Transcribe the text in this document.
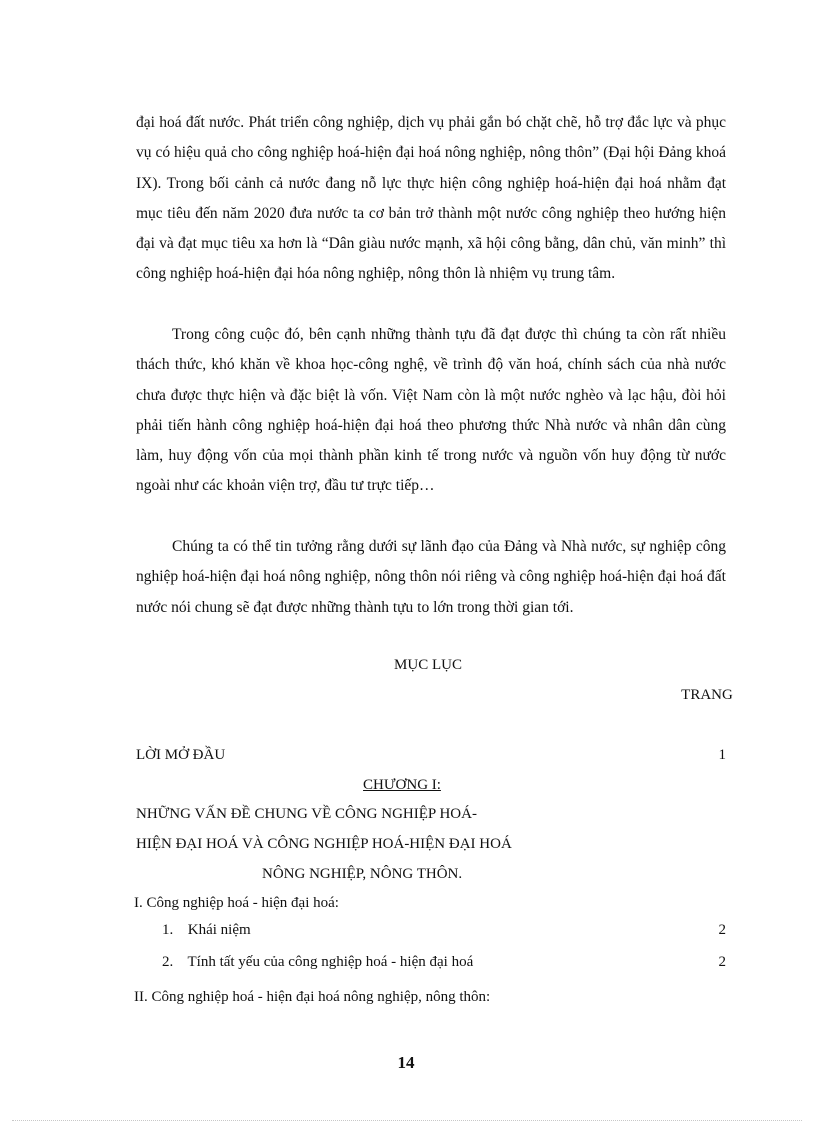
đại hoá đất nước. Phát triển công nghiệp, dịch vụ phải gắn bó chặt chẽ, hỗ trợ đắc lực và phục vụ có hiệu quả cho công nghiệp hoá-hiện đại hoá nông nghiệp, nông thôn” (Đại hội Đảng khoá IX). Trong bối cảnh cả nước đang nỗ lực thực hiện công nghiệp hoá-hiện đại hoá nhằm đạt mục tiêu đến năm 2020 đưa nước ta cơ bản trở thành một nước công nghiệp theo hướng hiện đại và đạt mục tiêu xa hơn là “Dân giàu nước mạnh, xã hội công bằng, dân chủ, văn minh” thì công nghiệp hoá-hiện đại hóa nông nghiệp, nông thôn là nhiệm vụ trung tâm.

Trong công cuộc đó, bên cạnh những thành tựu đã đạt được thì chúng ta còn rất nhiều thách thức, khó khăn về khoa học-công nghệ, về trình độ văn hoá, chính sách của nhà nước chưa được thực hiện và đặc biệt là vốn. Việt Nam còn là một nước nghèo và lạc hậu, đòi hỏi phải tiến hành công nghiệp hoá-hiện đại hoá theo phương thức Nhà nước và nhân dân cùng làm, huy động vốn của mọi thành phần kinh tế trong nước và nguồn vốn huy động từ nước ngoài như các khoản viện trợ, đầu tư trực tiếp…

Chúng ta có thể tin tưởng rằng dưới sự lãnh đạo của Đảng và Nhà nước, sự nghiệp công nghiệp hoá-hiện đại hoá nông nghiệp, nông thôn nói riêng và công nghiệp hoá-hiện đại hoá đất nước nói chung sẽ đạt được những thành tựu to lớn trong thời gian tới.

MỤC LỤC
TRANG
LỜI MỞ ĐẦU	1
CHƯƠNG I:
NHỮNG VẤN ĐỀ CHUNG VỀ CÔNG NGHIỆP HOÁ-
HIỆN ĐẠI HOÁ VÀ CÔNG NGHIỆP HOÁ-HIỆN ĐẠI HOÁ
NÔNG NGHIỆP, NÔNG THÔN.
I. Công nghiệp hoá - hiện đại hoá:
1. Khái niệm	2
2. Tính tất yếu của công nghiệp hoá - hiện đại hoá	2
II. Công nghiệp hoá - hiện đại hoá nông nghiệp, nông thôn:
14
